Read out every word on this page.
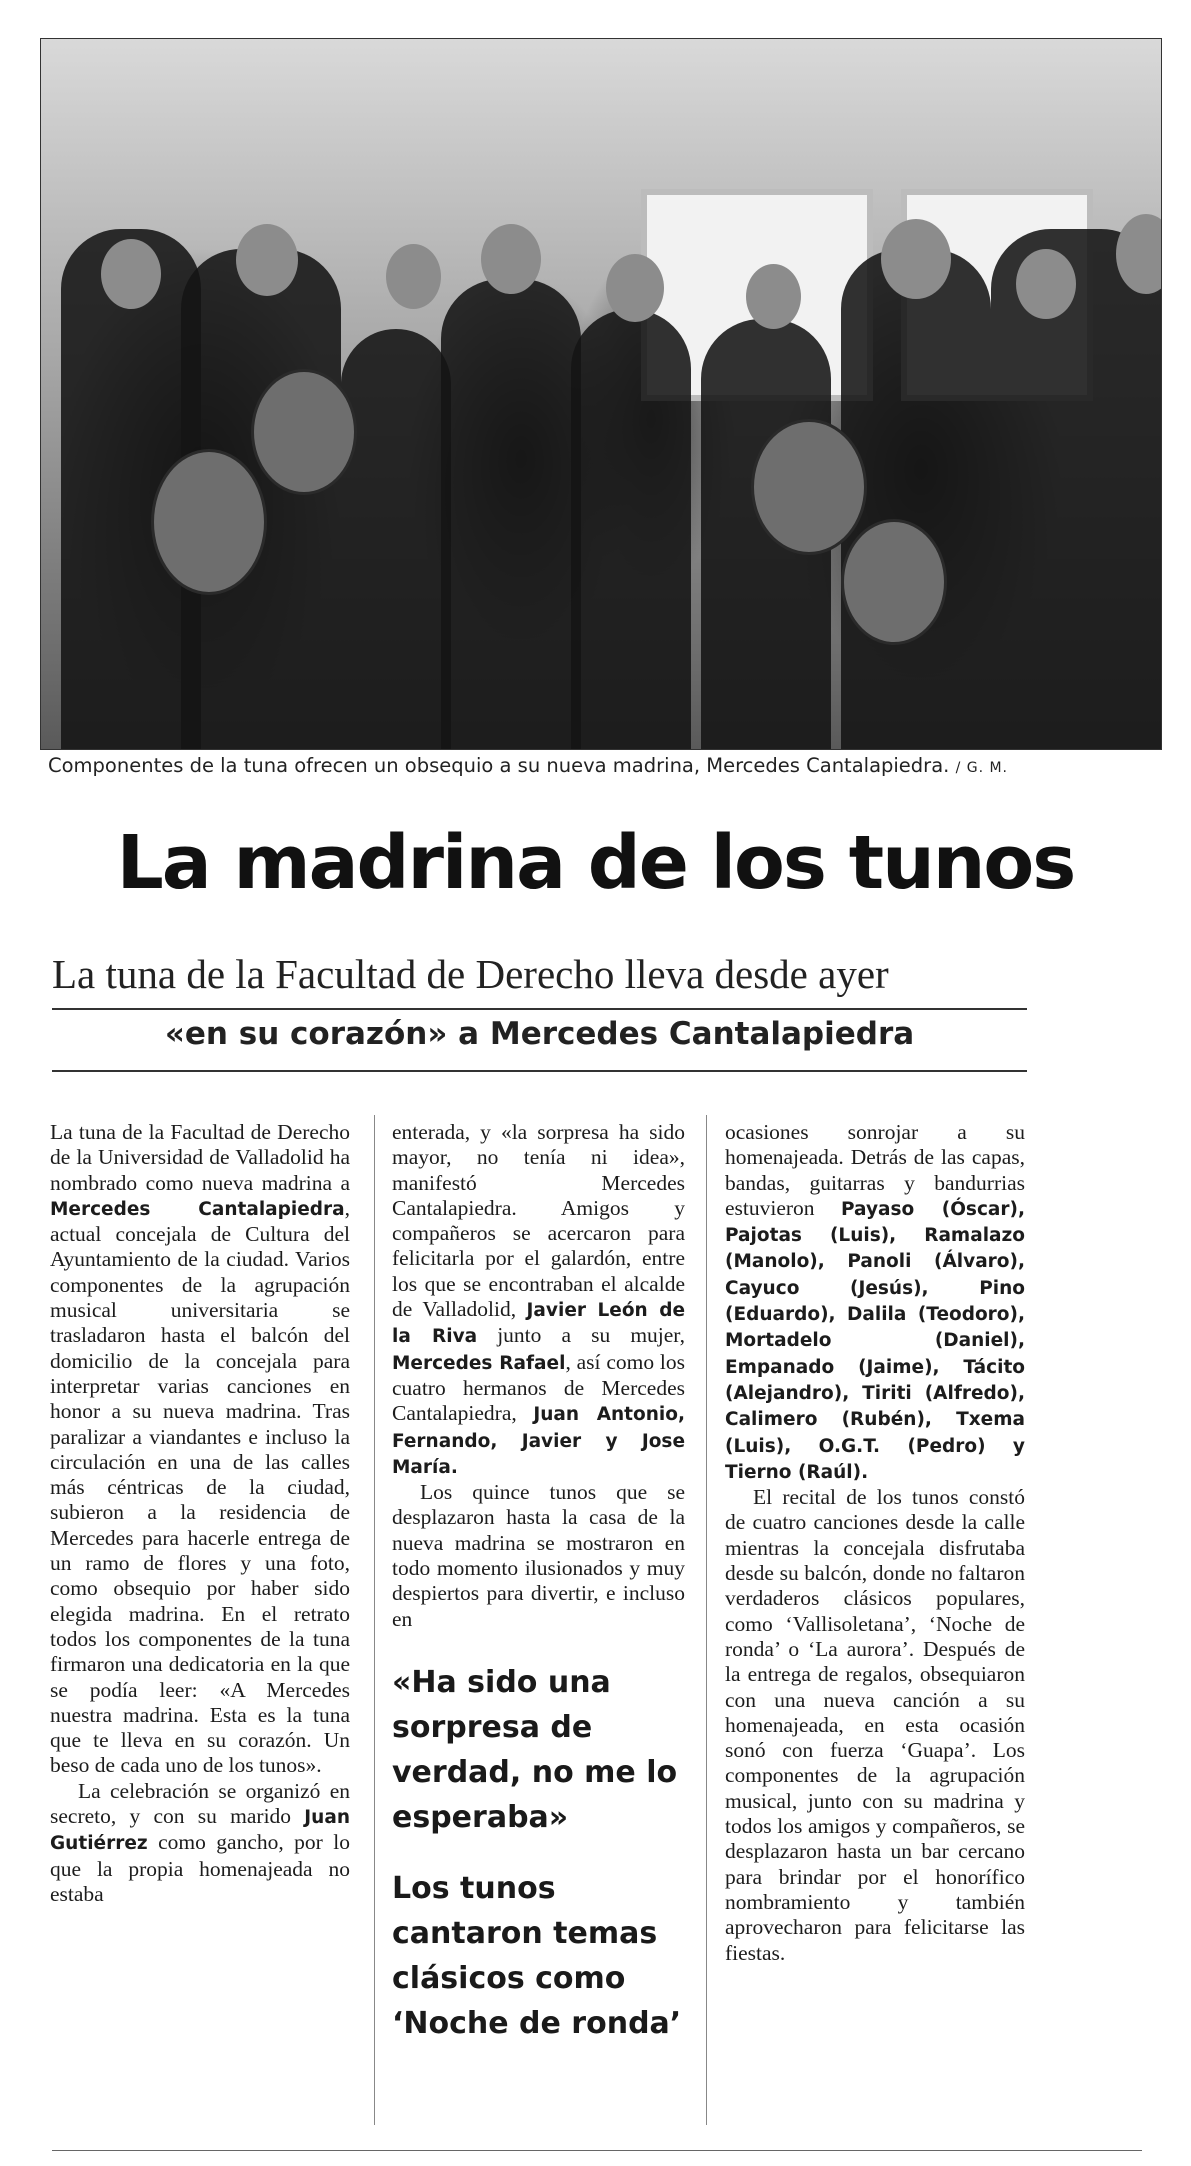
Componentes de la tuna ofrecen un obsequio a su nueva madrina, Mercedes Cantalapiedra. / G. M.
La madrina de los tunos
La tuna de la Facultad de Derecho lleva desde ayer
«en su corazón» a Mercedes Cantalapiedra

La tuna de la Facultad de Derecho de la Universidad de Valladolid ha nombrado como nueva madrina a Mercedes Cantalapiedra, actual concejala de Cultura del Ayuntamiento de la ciudad. Varios componentes de la agrupación musical universitaria se trasladaron hasta el balcón del domicilio de la concejala para interpretar varias canciones en honor a su nueva madrina. Tras paralizar a viandantes e incluso la circulación en una de las calles más céntricas de la ciudad, subieron a la residencia de Mercedes para hacerle entrega de un ramo de flores y una foto, como obsequio por haber sido elegida madrina. En el retrato todos los componentes de la tuna firmaron una dedicatoria en la que se podía leer: «A Mercedes nuestra madrina. Esta es la tuna que te lleva en su corazón. Un beso de cada uno de los tunos».

La celebración se organizó en secreto, y con su marido Juan Gutiérrez como gancho, por lo que la propia homenajeada no estaba

enterada, y «la sorpresa ha sido mayor, no tenía ni idea», manifestó Mercedes Cantalapiedra. Amigos y compañeros se acercaron para felicitarla por el galardón, entre los que se encontraban el alcalde de Valladolid, Javier León de la Riva junto a su mujer, Mercedes Rafael, así como los cuatro hermanos de Mercedes Cantalapiedra, Juan Antonio, Fernando, Javier y Jose María.

Los quince tunos que se desplazaron hasta la casa de la nueva madrina se mostraron en todo momento ilusionados y muy despiertos para divertir, e incluso en

«Ha sido una sorpresa de verdad, no me lo esperaba»
Los tunos cantaron temas clásicos como ‘Noche de ronda’

ocasiones sonrojar a su homenajeada. Detrás de las capas, bandas, guitarras y bandurrias estuvieron Payaso (Óscar), Pajotas (Luis), Ramalazo (Manolo), Panoli (Álvaro), Cayuco (Jesús), Pino (Eduardo), Dalila (Teodoro), Mortadelo (Daniel), Empanado (Jaime), Tácito (Alejandro), Tiriti (Alfredo), Calimero (Rubén), Txema (Luis), O.G.T. (Pedro) y Tierno (Raúl).

El recital de los tunos constó de cuatro canciones desde la calle mientras la concejala disfrutaba desde su balcón, donde no faltaron verdaderos clásicos populares, como ‘Vallisoletana’, ‘Noche de ronda’ o ‘La aurora’. Después de la entrega de regalos, obsequiaron con una nueva canción a su homenajeada, en esta ocasión sonó con fuerza ‘Guapa’. Los componentes de la agrupación musical, junto con su madrina y todos los amigos y compañeros, se desplazaron hasta un bar cercano para brindar por el honorífico nombramiento y también aprovecharon para felicitarse las fiestas.
